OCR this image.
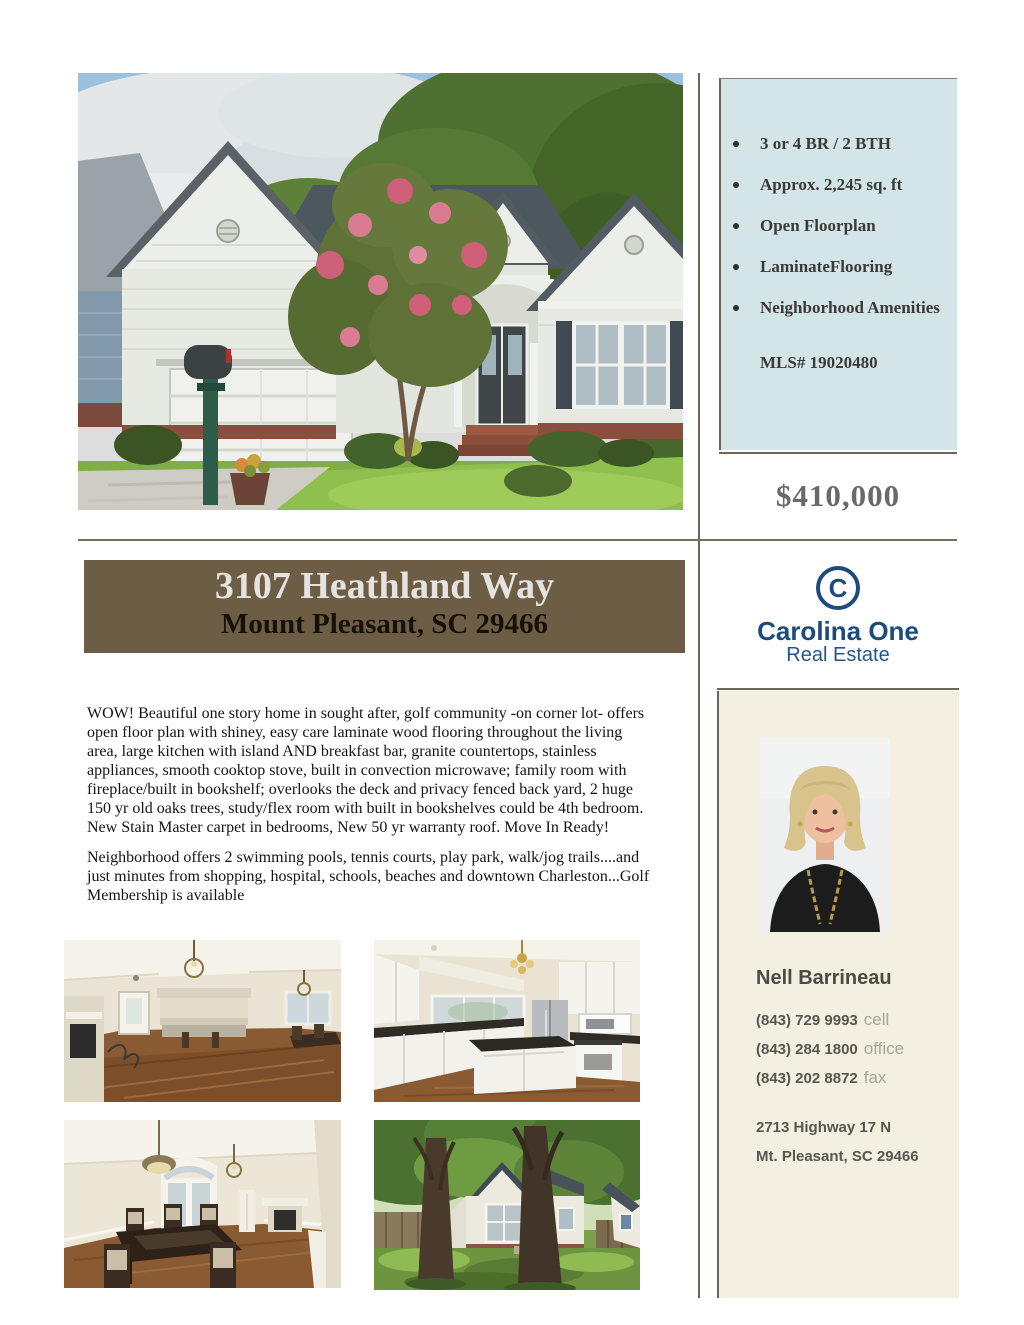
3 or 4 BR / 2 BTH
Approx. 2,245 sq. ft
Open Floorplan
LaminateFlooring
Neighborhood Amenities
MLS# 19020480
$410,000
C
Carolina One
Real Estate
Nell Barrineau
(843) 729 9993 cell
(843) 284 1800 office
(843) 202 8872 fax
2713 Highway 17 N
Mt. Pleasant, SC 29466
3107 Heathland Way
Mount Pleasant, SC 29466
WOW! Beautiful one story home in sought after, golf community -on corner lot- offers
open floor plan with shiney, easy care laminate wood flooring throughout the living
area, large kitchen with island AND breakfast bar, granite countertops, stainless
appliances, smooth cooktop stove, built in convection microwave; family room with
fireplace/built in bookshelf; overlooks the deck and privacy fenced back yard, 2 huge
150 yr old oaks trees, study/flex room with built in bookshelves could be 4th bedroom.
New Stain Master carpet in bedrooms, New 50 yr warranty roof. Move In Ready!
Neighborhood offers 2 swimming pools, tennis courts, play park, walk/jog trails....and
just minutes from shopping, hospital, schools, beaches and downtown Charleston...Golf
Membership is available
